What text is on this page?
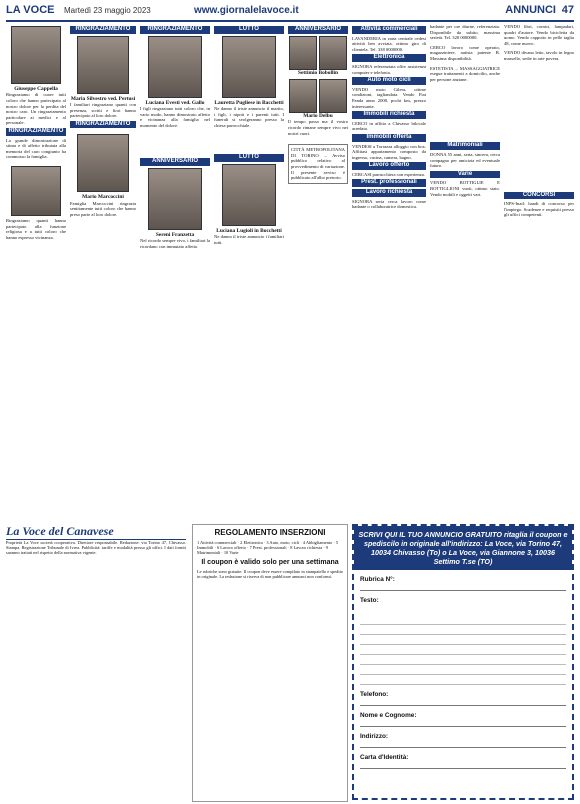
LA VOCE Martedì 23 maggio 2023	www.giornalelavoce.it	ANNUNCI 47
Giuseppe Cappella
Ringraziamo di cuore tutti coloro che hanno partecipato al nostro dolore per la perdita del nostro caro. Un ringraziamento particolare ai medici e al personale.
RINGRAZIAMENTO
La grande dimostrazione di stima e di affetto tributata alla memoria del caro congiunto ha commosso la famiglia.
Ringraziamo quanti hanno partecipato alla funzione religiosa e a tutti coloro che hanno espresso vicinanza.
RINGRAZIAMENTO
Maria Silvestro ved. Pertusi
I familiari ringraziano quanti con presenza, scritti e fiori hanno partecipato al loro dolore.
RINGRAZIAMENTO
Mario Marcoccini
Famiglia Marcoccini ringrazia sentitamente tutti coloro che hanno preso parte al loro dolore.
RINGRAZIAMENTO
Luciana Evesti ved. Gallo
I figli ringraziano tutti coloro che, in vario modo, hanno dimostrato affetto e vicinanza alla famiglia nel momento del dolore.
ANNIVERSARIO
Sereni Franzetta
Nel ricordo sempre vivo, i familiari la ricordano con immutato affetto.
LUTTO
Lauretta Pugliese in Bacchetti
Ne danno il triste annuncio il marito, i figli, i nipoti e i parenti tutti. I funerali si svolgeranno presso la chiesa parrocchiale.
LUTTO
Luciana Lugioli in Bocchetti
Ne danno il triste annuncio i familiari tutti.
ANNIVERSARIO
Settimio Bobollin
Mario Delbu
Il tempo passa ma il vostro ricordo rimane sempre vivo nei nostri cuori.
CITTÀ METROPOLITANA DI TORINO – Avviso pubblico relativo al provvedimento di variazione. Il presente avviso è pubblicato all'albo pretorio.
Attività commerciali
LAVANDERIA in zona centrale cedesi attività ben avviata, ottimo giro di clientela. Tel. 338 0000000.
Elettronica
SIGNORA referenziata offre assistenza computer e telefonia.
Auto moto cicli
VENDO moto Gilera, ottime condizioni, tagliandata. Vendo Fiat Panda anno 2008, pochi km, prezzo interessante.
Immobili richiesta
CERCO in affitto a Chivasso bilocale arredato.
Immobili offerta
VENDESI a Torrazza alloggio con box. Affittasi appartamento composto da ingresso, cucina, camera, bagno.
Lavoro offerto
CERCASI parrucchiera con esperienza.
Prest. professionali
Lavoro richiesta
SIGNORA seria cerca lavoro come badante o collaboratrice domestica.
badante per ore diurne, referenziata. Disponibile da subito, massima serietà. Tel. 320 0000000.
CERCO lavoro come operaio, magazziniere, autista patente B. Massima disponibilità.
ESTETISTA – MASSAGGIATRICE esegue trattamenti a domicilio, anche per persone anziane.
Matrimoniali
DONNA 55 anni, seria, sincera, cerca compagno per amicizia ed eventuale futuro.
Varie
VENDO BOTTIGLIE E BOTTIGLIONI vuoti, ottimo stato. Vendo mobili e oggetti vari.
VENDO libri, cornici, lampadari, quadri d'autore. Vendo bicicletta da uomo. Vendo cappotto in pelle taglia 48, come nuovo.
VENDO divano letto, tavolo in legno massello, sedie in arte povera.
CONCORSI
INPS-Inail: bandi di concorso per l'impiego. Scadenze e requisiti presso gli uffici competenti.
La Voce del Canavese
Proprietà La Voce società cooperativa. Direttore responsabile. Redazione: via Torino 47, Chivasso. Stampa. Registrazione Tribunale di Ivrea. Pubblicità: tariffe e modalità presso gli uffici. I dati forniti saranno trattati nel rispetto della normativa vigente.
REGOLAMENTO INSERZIONI
1 Attività commerciali · 2 Elettronica · 3 Auto, moto, cicli · 4 Abbigliamento · 5 Immobili · 6 Lavoro offerto · 7 Prest. professionali · 8 Lavoro richiesta · 9 Matrimoniali · 10 Varie
Il coupon è valido solo per una settimana
Le rubriche sono gratuite. Il coupon deve essere compilato in stampatello e spedito in originale. La redazione si riserva di non pubblicare annunci non conformi.
SCRIVI QUI IL TUO ANNUNCIO GRATUITO ritaglia il coupon e spediscilo in originale all'indirizzo: La Voce, via Torino 47, 10034 Chivasso (To) o La Voce, via Giannone 3, 10036 Settimo T.se (TO)
Rubrica N°:
Testo:
Telefono:
Nome e Cognome:
Indirizzo:
Carta d'Identità:
